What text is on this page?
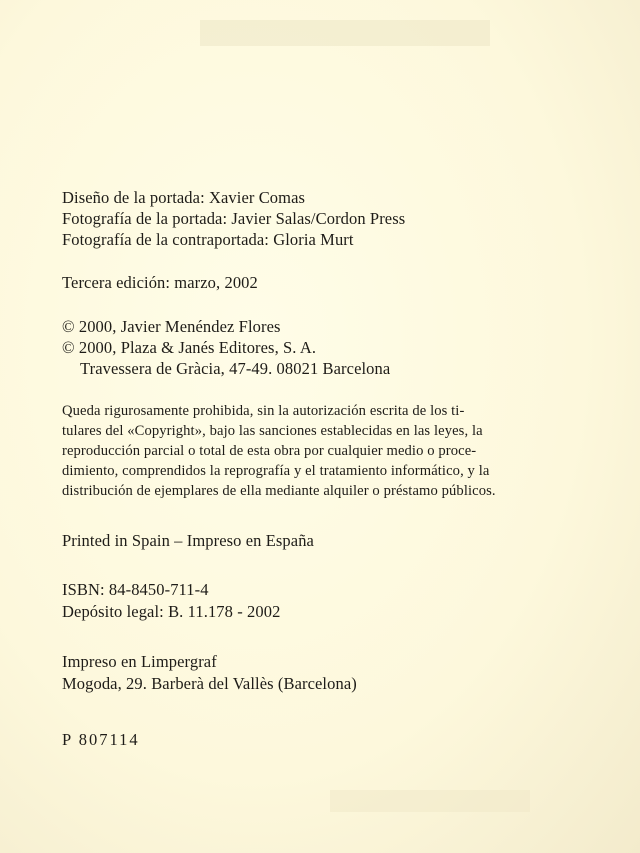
Diseño de la portada: Xavier Comas
Fotografía de la portada: Javier Salas/Cordon Press
Fotografía de la contraportada: Gloria Murt
Tercera edición: marzo, 2002
© 2000, Javier Menéndez Flores
© 2000, Plaza & Janés Editores, S. A.
Travessera de Gràcia, 47-49. 08021 Barcelona
Queda rigurosamente prohibida, sin la autorización escrita de los ti-
tulares del «Copyright», bajo las sanciones establecidas en las leyes, la
reproducción parcial o total de esta obra por cualquier medio o proce-
dimiento, comprendidos la reprografía y el tratamiento informático, y la
distribución de ejemplares de ella mediante alquiler o préstamo públicos.
Printed in Spain – Impreso en España
ISBN: 84-8450-711-4
Depósito legal: B. 11.178 - 2002
Impreso en Limpergraf
Mogoda, 29. Barberà del Vallès (Barcelona)
P 807114
